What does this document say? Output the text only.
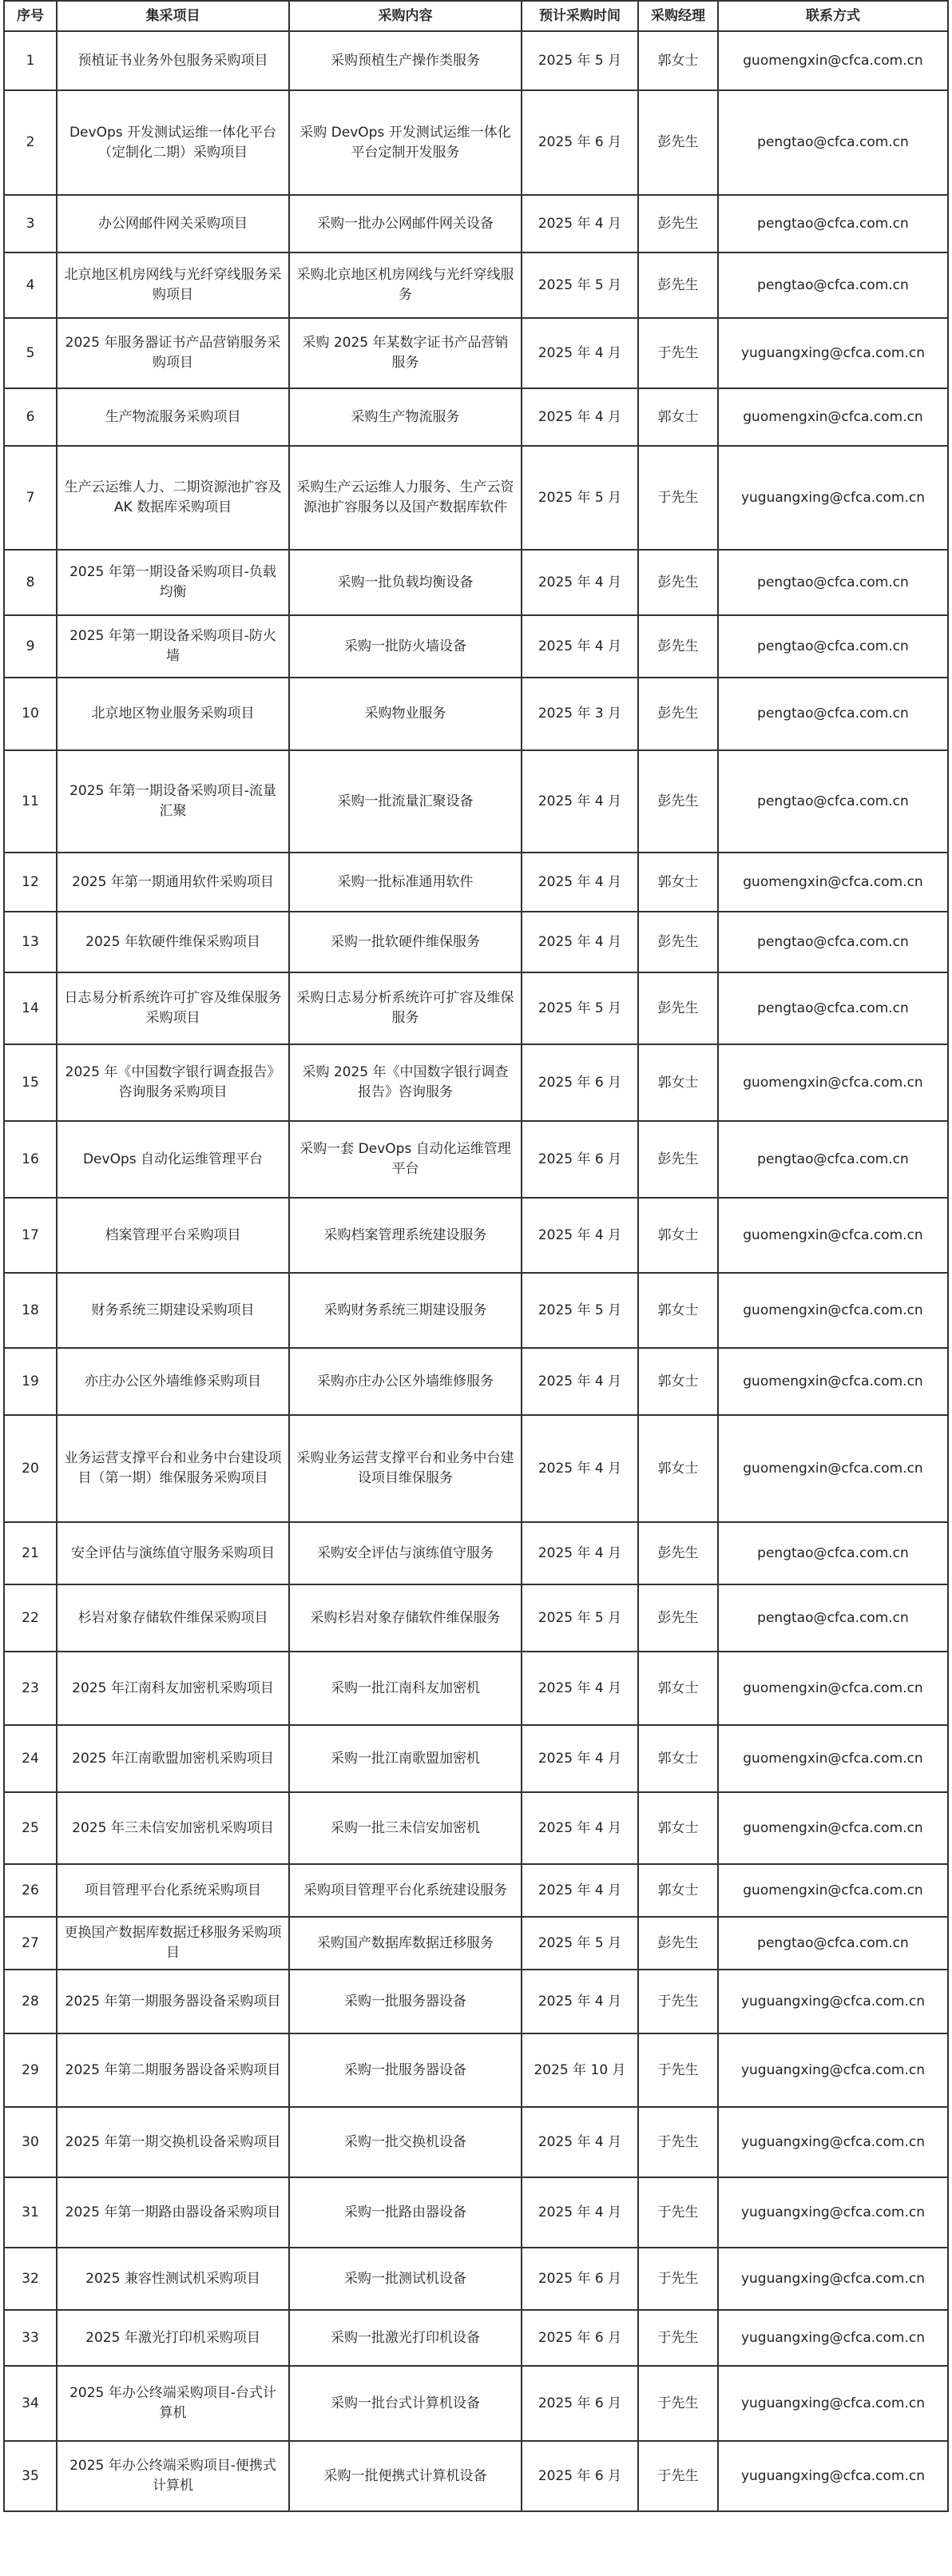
序号	集采项目	采购内容	预计采购时间	采购经理	联系方式
1	预植证书业务外包服务采购项目	采购预植生产操作类服务	2025 年 5 月	郭女士	guomengxin@cfca.com.cn
2	DevOps 开发测试运维一体化平台（定制化二期）采购项目	采购 DevOps 开发测试运维一体化平台定制开发服务	2025 年 6 月	彭先生	pengtao@cfca.com.cn
3	办公网邮件网关采购项目	采购一批办公网邮件网关设备	2025 年 4 月	彭先生	pengtao@cfca.com.cn
4	北京地区机房网线与光纤穿线服务采购项目	采购北京地区机房网线与光纤穿线服务	2025 年 5 月	彭先生	pengtao@cfca.com.cn
5	2025 年服务器证书产品营销服务采购项目	采购 2025 年某数字证书产品营销服务	2025 年 4 月	于先生	yuguangxing@cfca.com.cn
6	生产物流服务采购项目	采购生产物流服务	2025 年 4 月	郭女士	guomengxin@cfca.com.cn
7	生产云运维人力、二期资源池扩容及 AK 数据库采购项目	采购生产云运维人力服务、生产云资源池扩容服务以及国产数据库软件	2025 年 5 月	于先生	yuguangxing@cfca.com.cn
8	2025 年第一期设备采购项目-负载均衡	采购一批负载均衡设备	2025 年 4 月	彭先生	pengtao@cfca.com.cn
9	2025 年第一期设备采购项目-防火墙	采购一批防火墙设备	2025 年 4 月	彭先生	pengtao@cfca.com.cn
10	北京地区物业服务采购项目	采购物业服务	2025 年 3 月	彭先生	pengtao@cfca.com.cn
11	2025 年第一期设备采购项目-流量汇聚	采购一批流量汇聚设备	2025 年 4 月	彭先生	pengtao@cfca.com.cn
12	2025 年第一期通用软件采购项目	采购一批标准通用软件	2025 年 4 月	郭女士	guomengxin@cfca.com.cn
13	2025 年软硬件维保采购项目	采购一批软硬件维保服务	2025 年 4 月	彭先生	pengtao@cfca.com.cn
14	日志易分析系统许可扩容及维保服务采购项目	采购日志易分析系统许可扩容及维保服务	2025 年 5 月	彭先生	pengtao@cfca.com.cn
15	2025 年《中国数字银行调查报告》咨询服务采购项目	采购 2025 年《中国数字银行调查报告》咨询服务	2025 年 6 月	郭女士	guomengxin@cfca.com.cn
16	DevOps 自动化运维管理平台	采购一套 DevOps 自动化运维管理平台	2025 年 6 月	彭先生	pengtao@cfca.com.cn
17	档案管理平台采购项目	采购档案管理系统建设服务	2025 年 4 月	郭女士	guomengxin@cfca.com.cn
18	财务系统三期建设采购项目	采购财务系统三期建设服务	2025 年 5 月	郭女士	guomengxin@cfca.com.cn
19	亦庄办公区外墙维修采购项目	采购亦庄办公区外墙维修服务	2025 年 4 月	郭女士	guomengxin@cfca.com.cn
20	业务运营支撑平台和业务中台建设项目（第一期）维保服务采购项目	采购业务运营支撑平台和业务中台建设项目维保服务	2025 年 4 月	郭女士	guomengxin@cfca.com.cn
21	安全评估与演练值守服务采购项目	采购安全评估与演练值守服务	2025 年 4 月	彭先生	pengtao@cfca.com.cn
22	杉岩对象存储软件维保采购项目	采购杉岩对象存储软件维保服务	2025 年 5 月	彭先生	pengtao@cfca.com.cn
23	2025 年江南科友加密机采购项目	采购一批江南科友加密机	2025 年 4 月	郭女士	guomengxin@cfca.com.cn
24	2025 年江南歌盟加密机采购项目	采购一批江南歌盟加密机	2025 年 4 月	郭女士	guomengxin@cfca.com.cn
25	2025 年三未信安加密机采购项目	采购一批三未信安加密机	2025 年 4 月	郭女士	guomengxin@cfca.com.cn
26	项目管理平台化系统采购项目	采购项目管理平台化系统建设服务	2025 年 4 月	郭女士	guomengxin@cfca.com.cn
27	更换国产数据库数据迁移服务采购项目	采购国产数据库数据迁移服务	2025 年 5 月	彭先生	pengtao@cfca.com.cn
28	2025 年第一期服务器设备采购项目	采购一批服务器设备	2025 年 4 月	于先生	yuguangxing@cfca.com.cn
29	2025 年第二期服务器设备采购项目	采购一批服务器设备	2025 年 10 月	于先生	yuguangxing@cfca.com.cn
30	2025 年第一期交换机设备采购项目	采购一批交换机设备	2025 年 4 月	于先生	yuguangxing@cfca.com.cn
31	2025 年第一期路由器设备采购项目	采购一批路由器设备	2025 年 4 月	于先生	yuguangxing@cfca.com.cn
32	2025 兼容性测试机采购项目	采购一批测试机设备	2025 年 6 月	于先生	yuguangxing@cfca.com.cn
33	2025 年激光打印机采购项目	采购一批激光打印机设备	2025 年 6 月	于先生	yuguangxing@cfca.com.cn
34	2025 年办公终端采购项目-台式计算机	采购一批台式计算机设备	2025 年 6 月	于先生	yuguangxing@cfca.com.cn
35	2025 年办公终端采购项目-便携式计算机	采购一批便携式计算机设备	2025 年 6 月	于先生	yuguangxing@cfca.com.cn
